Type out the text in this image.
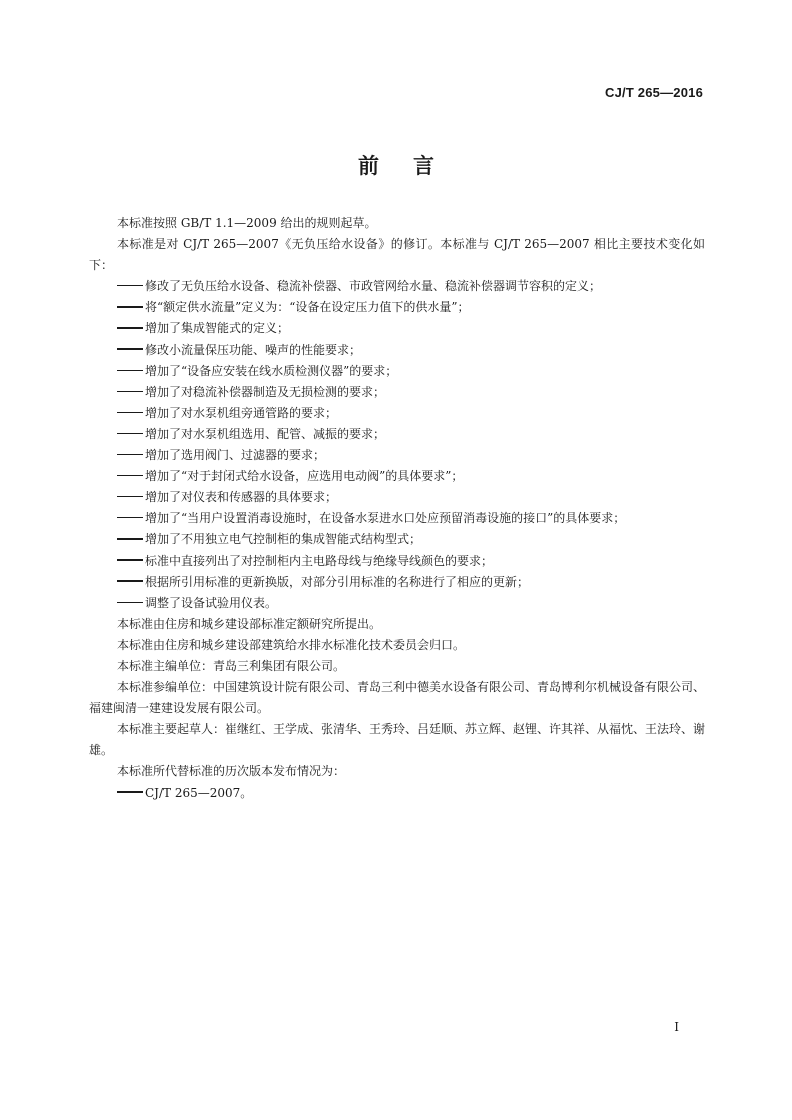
CJ/T 265—2016
前言

本标准按照 GB/T 1.1—2009 给出的规则起草。

本标准是对 CJ/T 265—2007《无负压给水设备》的修订。本标准与 CJ/T 265—2007 相比主要技术变化如下：

修改了无负压给水设备、稳流补偿器、市政管网给水量、稳流补偿器调节容积的定义；

将“额定供水流量”定义为：“设备在设定压力值下的供水量”；

增加了集成智能式的定义；

修改小流量保压功能、噪声的性能要求；

增加了“设备应安装在线水质检测仪器”的要求；

增加了对稳流补偿器制造及无损检测的要求；

增加了对水泵机组旁通管路的要求；

增加了对水泵机组选用、配管、减振的要求；

增加了选用阀门、过滤器的要求；

增加了“对于封闭式给水设备，应选用电动阀”的具体要求”；

增加了对仪表和传感器的具体要求；

增加了“当用户设置消毒设施时，在设备水泵进水口处应预留消毒设施的接口”的具体要求；

增加了不用独立电气控制柜的集成智能式结构型式；

标准中直接列出了对控制柜内主电路母线与绝缘导线颜色的要求；

根据所引用标准的更新换版，对部分引用标准的名称进行了相应的更新；

调整了设备试验用仪表。

本标准由住房和城乡建设部标准定额研究所提出。

本标准由住房和城乡建设部建筑给水排水标准化技术委员会归口。

本标准主编单位：青岛三利集团有限公司。

本标准参编单位：中国建筑设计院有限公司、青岛三利中德美水设备有限公司、青岛博利尔机械设备有限公司、福建闽清一建建设发展有限公司。

本标准主要起草人：崔继红、王学成、张清华、王秀玲、吕廷顺、苏立辉、赵锂、许其祥、从福忱、王法玲、谢雄。

本标准所代替标准的历次版本发布情况为：

CJ/T 265—2007。

I
